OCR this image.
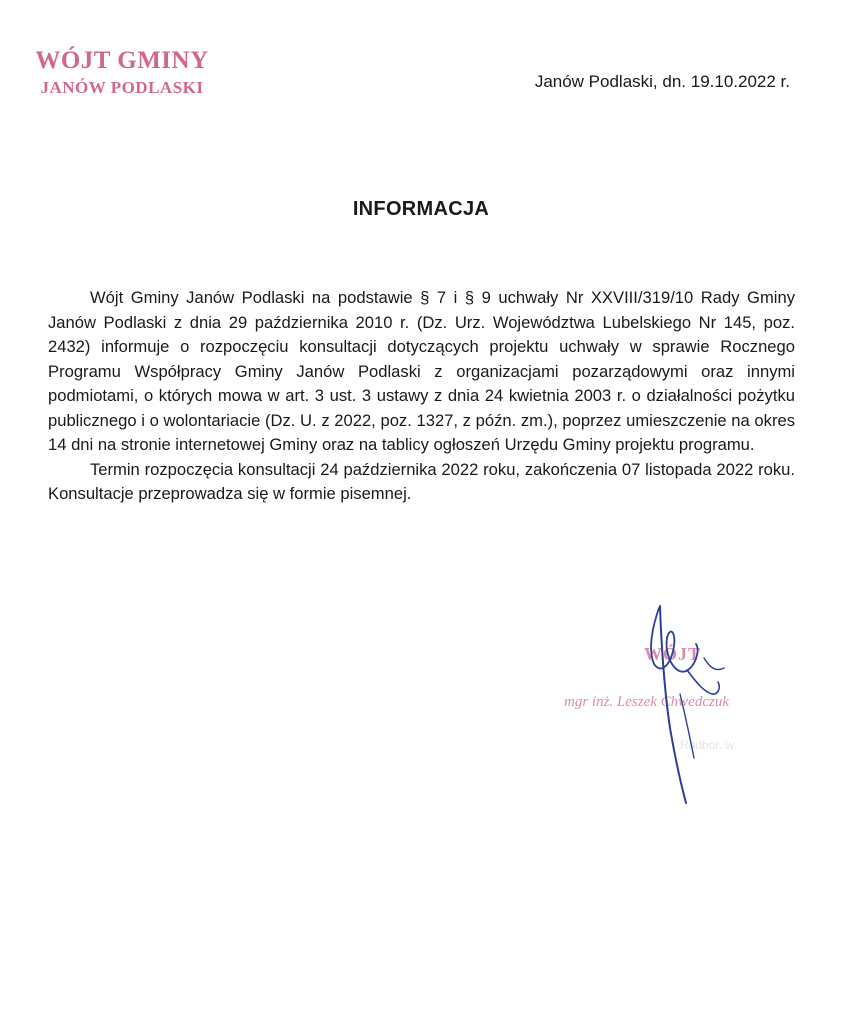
WÓJT GMINY
JANÓW PODLASKI	Janów Podlaski, dn. 19.10.2022 r.
INFORMACJA

Wójt Gminy Janów Podlaski na podstawie § 7 i § 9 uchwały Nr XXVIII/319/10 Rady Gminy Janów Podlaski z dnia 29 października 2010 r. (Dz. Urz. Województwa Lubelskiego Nr 145, poz. 2432) informuje o rozpoczęciu konsultacji dotyczących projektu uchwały w sprawie Rocznego Programu Współpracy Gminy Janów Podlaski z organizacjami pozarządowymi oraz innymi podmiotami, o których mowa w art. 3 ust. 3 ustawy z dnia 24 kwietnia 2003 r. o działalności pożytku publicznego i o wolontariacie (Dz. U. z 2022, poz. 1327, z późn. zm.), poprzez umieszczenie na okres 14 dni na stronie internetowej Gminy oraz na tablicy ogłoszeń Urzędu Gminy projektu programu.

Termin rozpoczęcia konsultacji 24 października 2022 roku, zakończenia 07 listopada 2022 roku. Konsultacje przeprowadza się w formie pisemnej.

WÓJT
mgr inż. Leszek Chwedczuk
Radbor. w
